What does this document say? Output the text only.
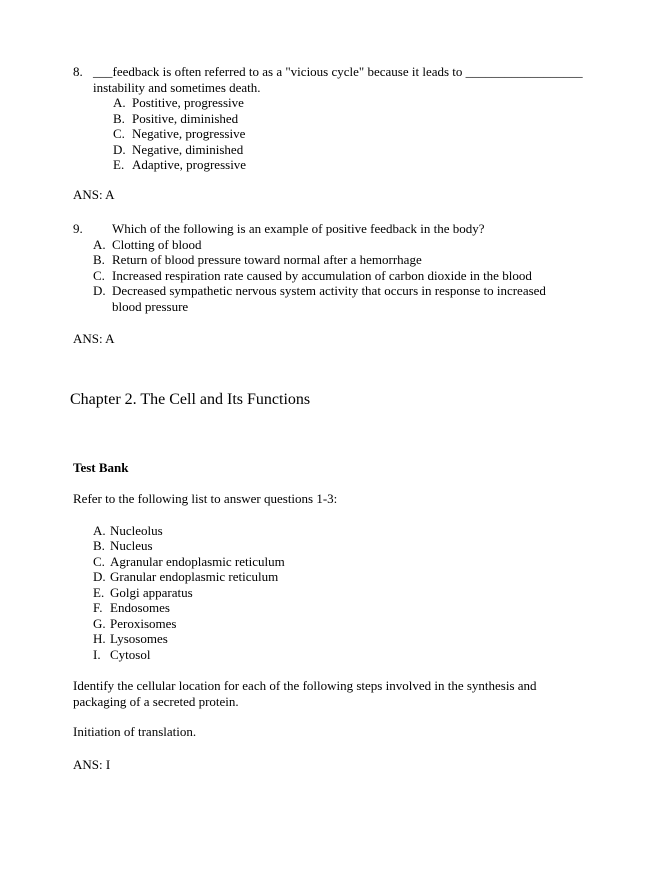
8. ___feedback is often referred to as a "vicious cycle" because it leads to __________________
instability and sometimes death.
A. Postitive, progressive
B. Positive, diminished
C. Negative, progressive
D. Negative, diminished
E. Adaptive, progressive
ANS: A
9.	Which of the following is an example of positive feedback in the body?
A. Clotting of blood
B. Return of blood pressure toward normal after a hemorrhage
C. Increased respiration rate caused by accumulation of carbon dioxide in the blood
D. Decreased sympathetic nervous system activity that occurs in response to increased blood pressure
ANS: A
Chapter 2. The Cell and Its Functions
Test Bank
Refer to the following list to answer questions 1-3:
A. Nucleolus
B. Nucleus
C. Agranular endoplasmic reticulum
D. Granular endoplasmic reticulum
E. Golgi apparatus
F. Endosomes
G. Peroxisomes
H. Lysosomes
I. Cytosol
Identify the cellular location for each of the following steps involved in the synthesis and packaging of a secreted protein.
Initiation of translation.
ANS: I
